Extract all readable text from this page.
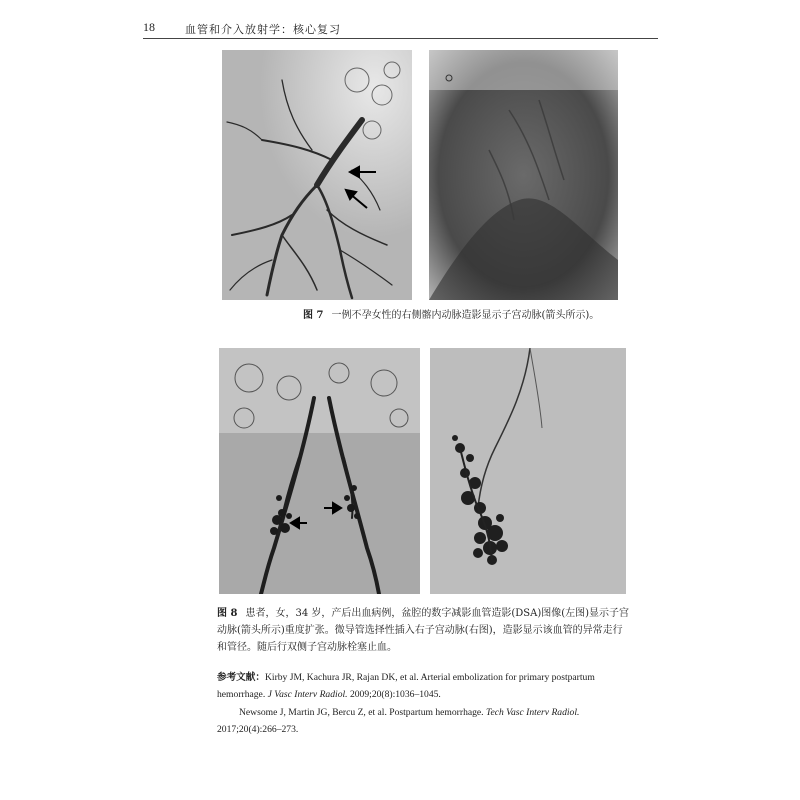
18	血管和介入放射学：核心复习
图 7 一例不孕女性的右侧髂内动脉造影显示子宫动脉(箭头所示)。
图 8 患者，女，34 岁，产后出血病例，盆腔的数字减影血管造影(DSA)图像(左图)显示子宫动脉(箭头所示)重度扩张。微导管选择性插入右子宫动脉(右图)，造影显示该血管的异常走行和管径。随后行双侧子宫动脉栓塞止血。

参考文献：Kirby JM, Kachura JR, Rajan DK, et al. Arterial embolization for primary postpartum hemorrhage. J Vasc Interv Radiol. 2009;20(8):1036–1045.

Newsome J, Martin JG, Bercu Z, et al. Postpartum hemorrhage. Tech Vasc Interv Radiol. 2017;20(4):266–273.
